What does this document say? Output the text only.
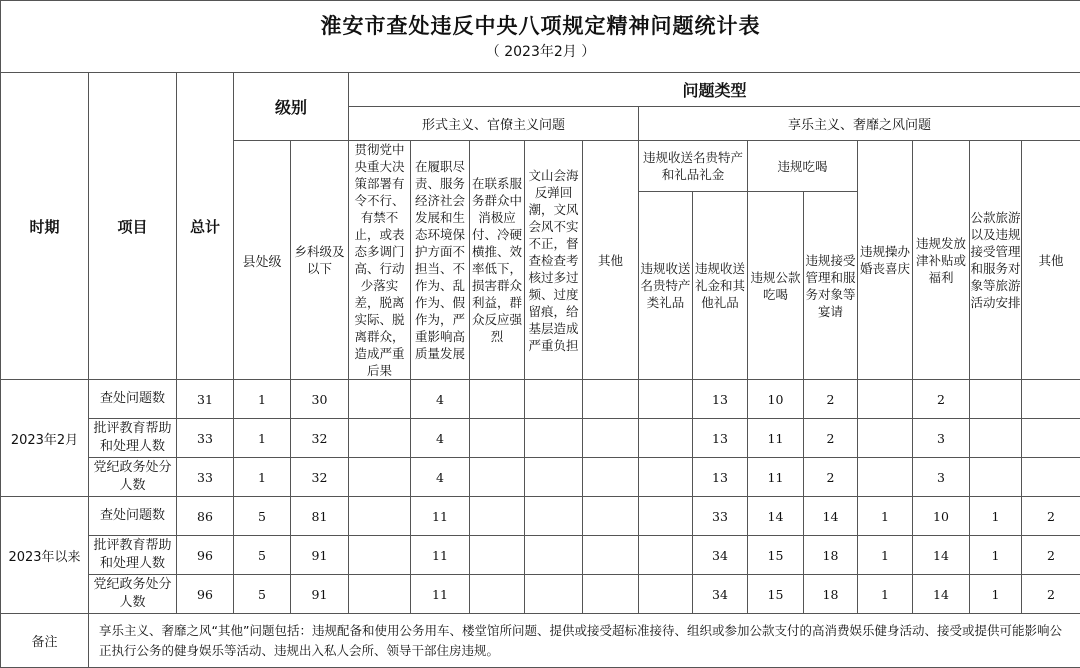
淮安市查处违反中央八项规定精神问题统计表
（ 2023年2月 ）																	

时期	项目	总计	级别		问题类型												
					形式主义、官僚主义问题					享乐主义、奢靡之风问题							
			县处级	乡科级及以下	贯彻党中央重大决策部署有令不行、有禁不止，或表态多调门高、行动少落实差，脱离实际、脱离群众，造成严重后果	在履职尽责、服务经济社会发展和生态环境保护方面不担当、不作为、乱作为、假作为，严重影响高质量发展	在联系服务群众中消极应付、冷硬横推、效率低下，损害群众利益，群众反应强烈	文山会海反弹回潮，文风会风不实不正，督查检查考核过多过频、过度留痕，给基层造成严重负担	其他	违规收送名贵特产和礼品礼金		违规吃喝		违规操办婚丧喜庆	违规发放津补贴或福利	公款旅游以及违规接受管理和服务对象等旅游活动安排	其他
										违规收送名贵特产类礼品	违规收送礼金和其他礼品	违规公款吃喝	违规接受管理和服务对象等宴请				
2023年2月	查处问题数	31	1	30		4					13	10	2		2		
	批评教育帮助和处理人数	33	1	32		4					13	11	2		3		
	党纪政务处分人数	33	1	32		4					13	11	2		3		
2023年以来	查处问题数	86	5	81		11					33	14	14	1	10	1	2
	批评教育帮助和处理人数	96	5	91		11					34	15	18	1	14	1	2
	党纪政务处分人数	96	5	91		11					34	15	18	1	14	1	2
备注	享乐主义、奢靡之风“其他”问题包括：违规配备和使用公务用车、楼堂馆所问题、提供或接受超标准接待、组织或参加公款支付的高消费娱乐健身活动、接受或提供可能影响公正执行公务的健身娱乐等活动、违规出入私人会所、领导干部住房违规。																
